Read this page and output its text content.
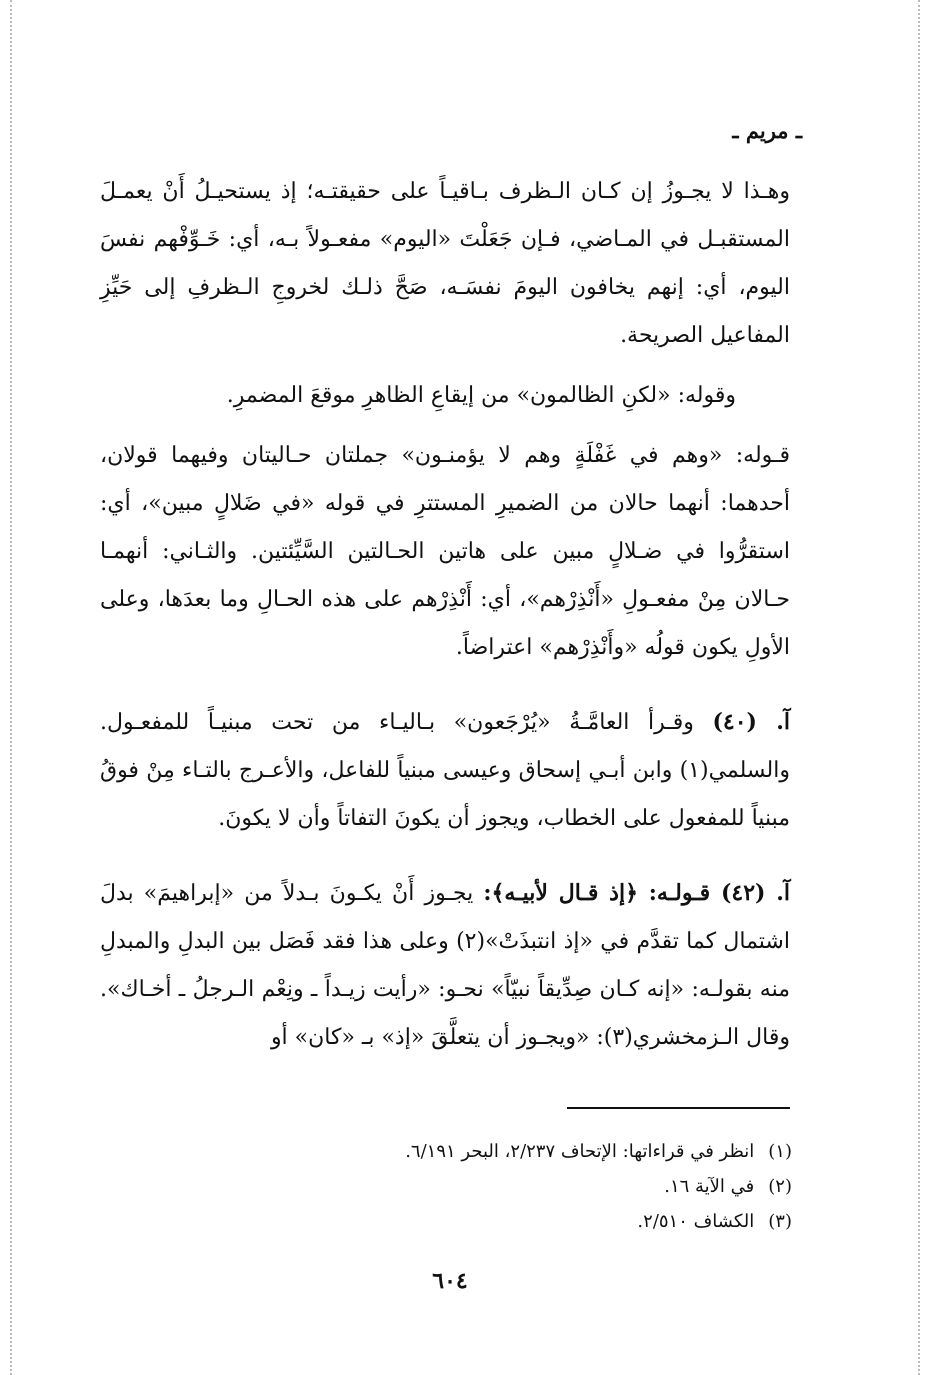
ـ مريم ـ

وهـذا لا يجـوزُ إن كـان الـظرف بـاقيـاً على حقيقتـه؛ إذ يستحيـلُ أَنْ يعمـلَ المستقبـل في المـاضي، فـإن جَعَلْتَ «اليوم» مفعـولاً بـه، أي: خَـوِّفْهم نفسَ اليوم، أي: إنهم يخافون اليومَ نفسَـه، صَحَّ ذلـك لخروجِ الـظرفِ إلى حَيِّزِ المفاعيل الصريحة.

وقوله: «لكنِ الظالمون» من إيقاعِ الظاهرِ موقعَ المضمرِ.

قـوله: «وهم في غَفْلَةٍ وهم لا يؤمنـون» جملتان حـاليتان وفيهما قولان، أحدهما: أنهما حالان من الضميرِ المستترِ في قوله «في ضَلالٍ مبين»، أي: استقرُّوا في ضـلالٍ مبين على هاتين الحـالتين السَّيِّئتين. والثـاني: أنهمـا حـالان مِنْ مفعـولِ «أَنْذِرْهم»، أي: أَنْذِرْهم على هذه الحـالِ وما بعدَها، وعلى الأولِ يكون قولُه «وأَنْذِرْهم» اعتراضاً.

آ. (٤٠) وقـرأ العامَّـةُ «يُرْجَعون» بـاليـاء من تحت مبنيـاً للمفعـول. والسلمي(١) وابن أبـي إسحاق وعيسى مبنياً للفاعل، والأعـرج بالتـاء مِنْ فوقُ مبنياً للمفعول على الخطاب، ويجوز أن يكونَ التفاتاً وأن لا يكونَ.

آ. (٤٢) قـولـه: ﴿إذ قـال لأبيـه﴾: يجـوز أَنْ يكـونَ بـدلاً من «إبراهيمَ» بدلَ اشتمال كما تقدَّم في «إذ انتبذَتْ»(٢) وعلى هذا فقد فَصَل بين البدلِ والمبدلِ منه بقولـه: «إنه كـان صِدِّيقاً نبيّاً» نحـو: «رأيت زيـداً ـ ونِعْم الـرجلُ ـ أخـاك». وقال الـزمخشري(٣): «ويجـوز أن يتعلَّقَ «إذ» بـ «كان» أو

(١)انظر في قراءاتها: الإتحاف ٢/٢٣٧، البحر ٦/١٩١.
(٢)في الآية ١٦.
(٣)الكشاف ٢/٥١٠.
٦٠٤
